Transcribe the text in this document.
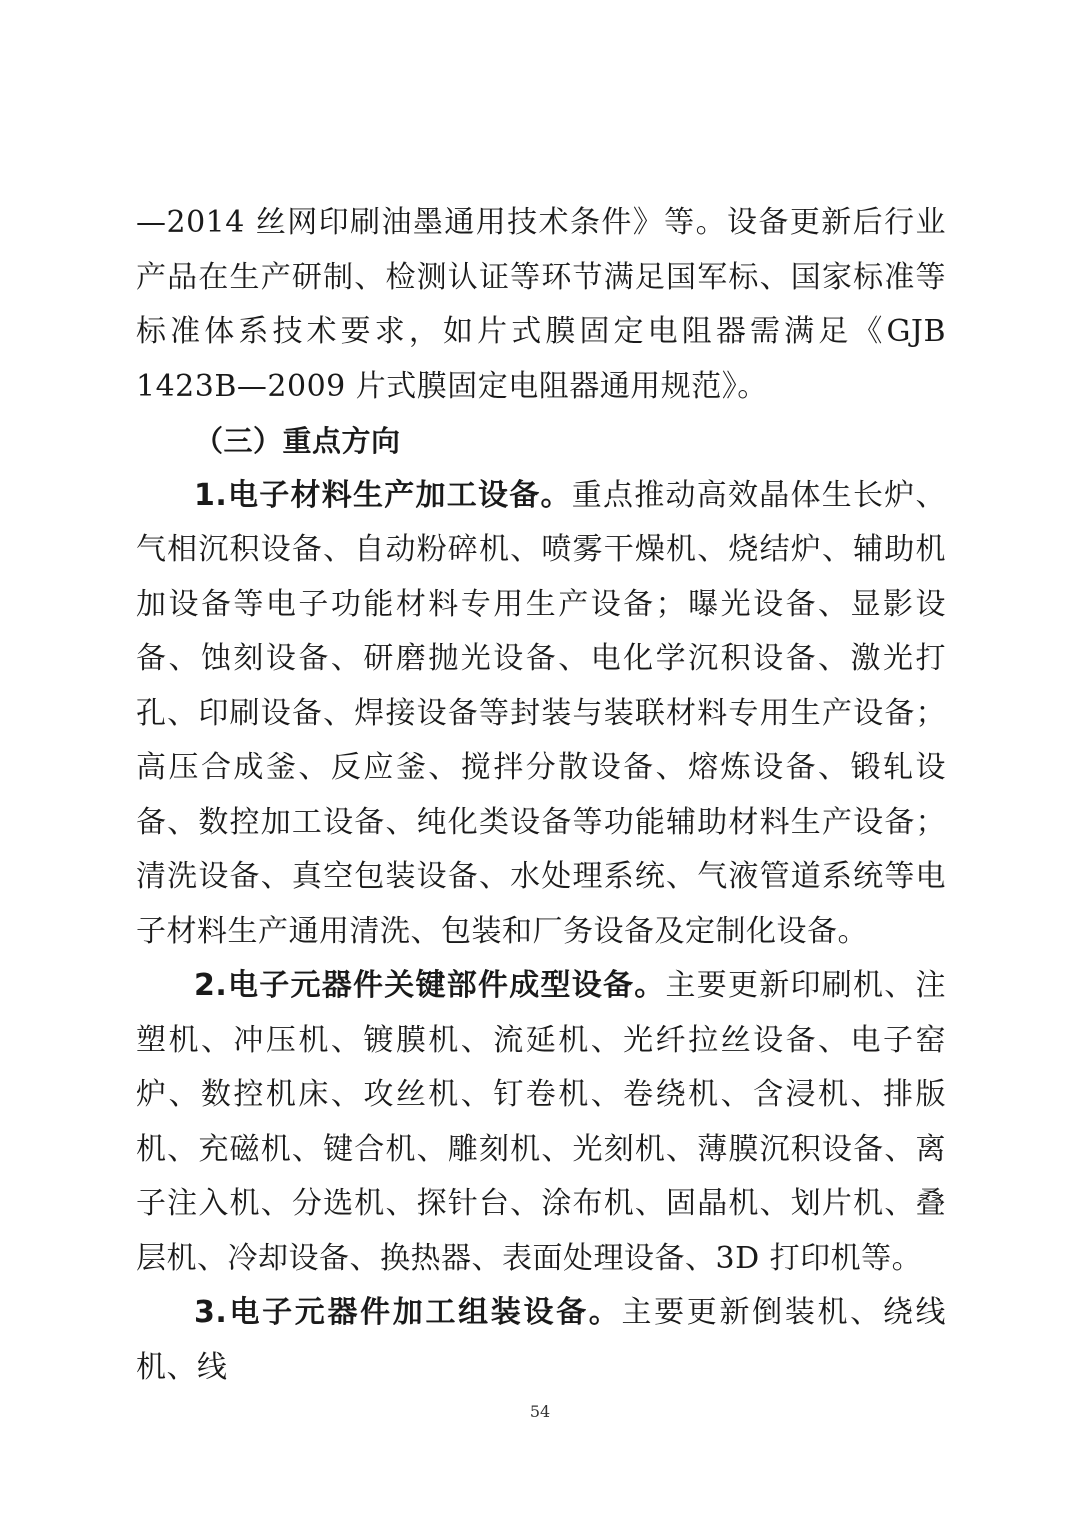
—2014 丝网印刷油墨通用技术条件》等。设备更新后行业产品在生产研制、检测认证等环节满足国军标、国家标准等标准体系技术要求，如片式膜固定电阻器需满足《GJB 1423B—2009 片式膜固定电阻器通用规范》。

（三）重点方向

1.电子材料生产加工设备。重点推动高效晶体生长炉、气相沉积设备、自动粉碎机、喷雾干燥机、烧结炉、辅助机加设备等电子功能材料专用生产设备；曝光设备、显影设备、蚀刻设备、研磨抛光设备、电化学沉积设备、激光打孔、印刷设备、焊接设备等封装与装联材料专用生产设备；高压合成釜、反应釜、搅拌分散设备、熔炼设备、锻轧设备、数控加工设备、纯化类设备等功能辅助材料生产设备；清洗设备、真空包装设备、水处理系统、气液管道系统等电子材料生产通用清洗、包装和厂务设备及定制化设备。

2.电子元器件关键部件成型设备。主要更新印刷机、注塑机、冲压机、镀膜机、流延机、光纤拉丝设备、电子窑炉、数控机床、攻丝机、钉卷机、卷绕机、含浸机、排版机、充磁机、键合机、雕刻机、光刻机、薄膜沉积设备、离子注入机、分选机、探针台、涂布机、固晶机、划片机、叠层机、冷却设备、换热器、表面处理设备、3D 打印机等。

3.电子元器件加工组装设备。主要更新倒装机、绕线机、线

54
